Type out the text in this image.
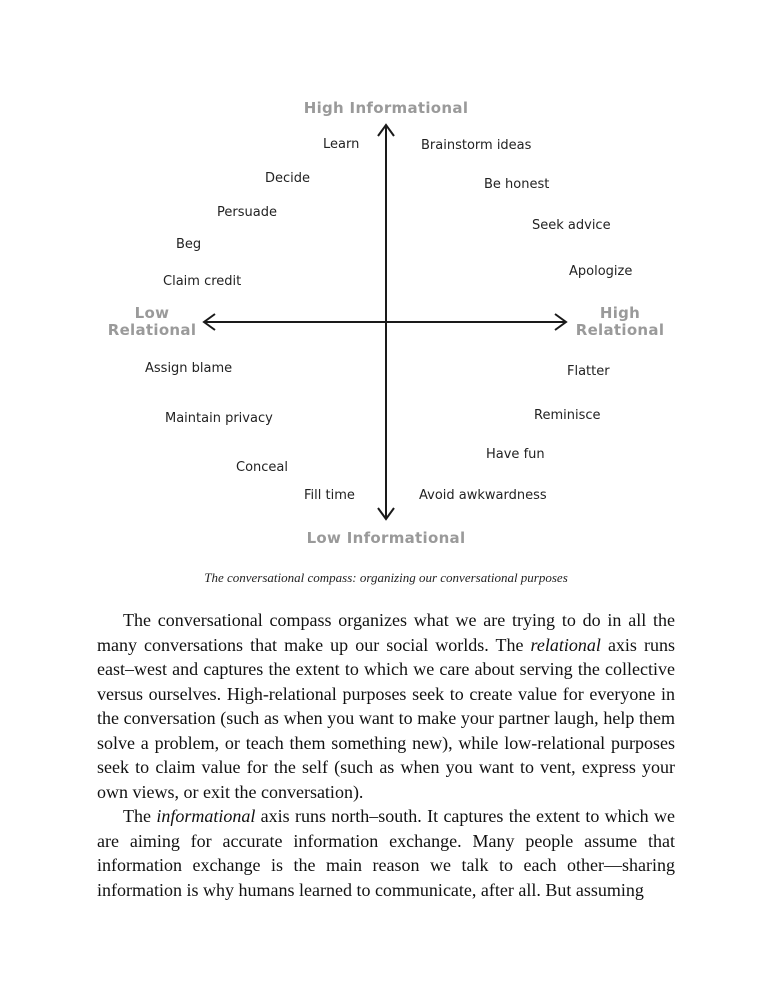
High Informational
Low Informational
Low
Relational
High
Relational
Learn
Decide
Persuade
Beg
Claim credit
Brainstorm ideas
Be honest
Seek advice
Apologize
Assign blame
Maintain privacy
Conceal
Fill time
Flatter
Reminisce
Have fun
Avoid awkwardness
The conversational compass: organizing our conversational purposes

The conversational compass organizes what we are trying to do in all the many conversations that make up our social worlds. The relational axis runs east–west and captures the extent to which we care about serving the collective versus ourselves. High-relational purposes seek to create value for everyone in the conversation (such as when you want to make your partner laugh, help them solve a problem, or teach them something new), while low-relational purposes seek to claim value for the self (such as when you want to vent, express your own views, or exit the conversation).

The informational axis runs north–south. It captures the extent to which we are aiming for accurate information exchange. Many people assume that information exchange is the main reason we talk to each other—sharing information is why humans learned to communicate, after all. But assuming
